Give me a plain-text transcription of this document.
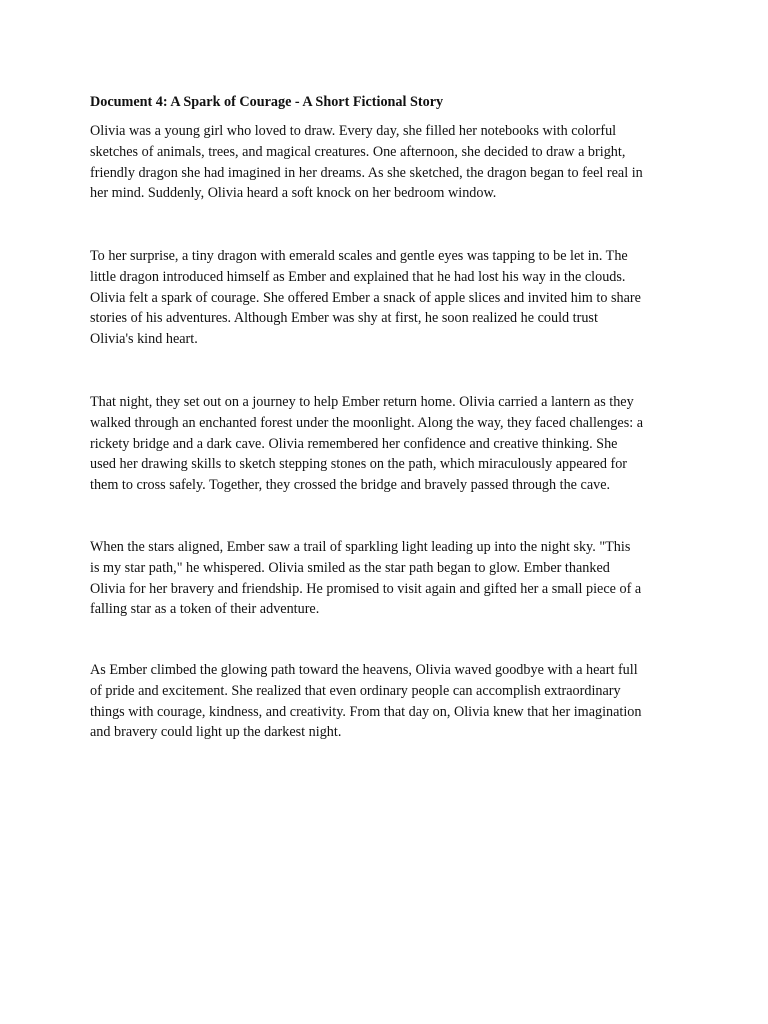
Document 4: A Spark of Courage - A Short Fictional Story

Olivia was a young girl who loved to draw. Every day, she filled her notebooks with colorful
sketches of animals, trees, and magical creatures. One afternoon, she decided to draw a bright,
friendly dragon she had imagined in her dreams. As she sketched, the dragon began to feel real in
her mind. Suddenly, Olivia heard a soft knock on her bedroom window.

To her surprise, a tiny dragon with emerald scales and gentle eyes was tapping to be let in. The
little dragon introduced himself as Ember and explained that he had lost his way in the clouds.
Olivia felt a spark of courage. She offered Ember a snack of apple slices and invited him to share
stories of his adventures. Although Ember was shy at first, he soon realized he could trust
Olivia's kind heart.

That night, they set out on a journey to help Ember return home. Olivia carried a lantern as they
walked through an enchanted forest under the moonlight. Along the way, they faced challenges: a
rickety bridge and a dark cave. Olivia remembered her confidence and creative thinking. She
used her drawing skills to sketch stepping stones on the path, which miraculously appeared for
them to cross safely. Together, they crossed the bridge and bravely passed through the cave.

When the stars aligned, Ember saw a trail of sparkling light leading up into the night sky. "This
is my star path," he whispered. Olivia smiled as the star path began to glow. Ember thanked
Olivia for her bravery and friendship. He promised to visit again and gifted her a small piece of a
falling star as a token of their adventure.

As Ember climbed the glowing path toward the heavens, Olivia waved goodbye with a heart full
of pride and excitement. She realized that even ordinary people can accomplish extraordinary
things with courage, kindness, and creativity. From that day on, Olivia knew that her imagination
and bravery could light up the darkest night.
